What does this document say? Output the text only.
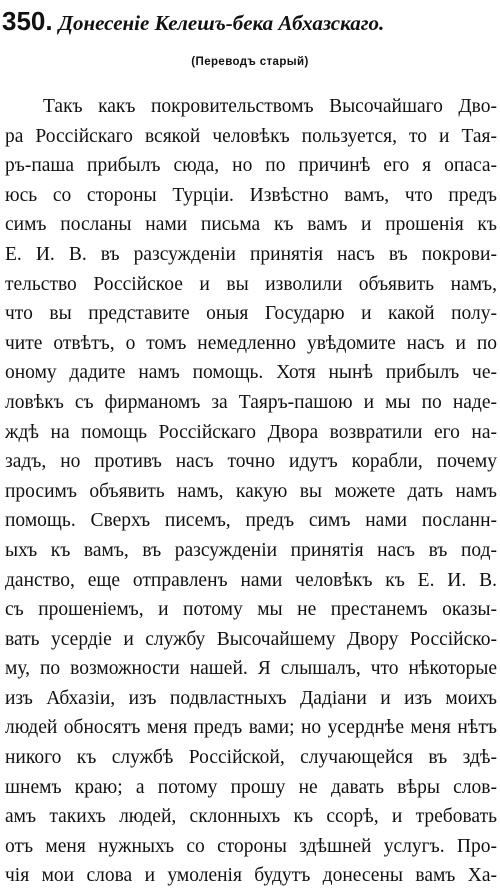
350. Донесеніе Келешъ-бека Абхазскаго.
(Переводъ старый)
Такъ какъ покровительствомъ Высочайшаго Дво-
ра Россійскаго всякой человѣкъ пользуется, то и Тая-
ръ-паша прибылъ сюда, но по причинѣ его я опаса-
юсь со стороны Турціи. Извѣстно вамъ, что предъ
симъ посланы нами письма къ вамъ и прошенія къ
Е. И. В. въ разсужденіи принятія насъ въ покрови-
тельство Россійское и вы изволили объявить намъ,
что вы представите оныя Государю и какой полу-
чите отвѣтъ, о томъ немедленно увѣдомите насъ и по
оному дадите намъ помощь. Хотя нынѣ прибылъ че-
ловѣкъ съ фирманомъ за Таяръ-пашою и мы по наде-
ждѣ на помощь Россійскаго Двора возвратили его на-
задъ, но противъ насъ точно идутъ корабли, почему
просимъ объявить намъ, какую вы можете дать намъ
помощь. Сверхъ писемъ, предъ симъ нами посланн-
ыхъ къ вамъ, въ разсужденіи принятія насъ въ под-
данство, еще отправленъ нами человѣкъ къ Е. И. В.
съ прошеніемъ, и потому мы не престанемъ оказы-
вать усердіе и службу Высочайшему Двору Россійско-
му, по возможности нашей. Я слышалъ, что нѣкоторые
изъ Абхазіи, изъ подвластныхъ Дадіани и изъ моихъ
людей обносятъ меня предъ вами; но усерднѣе меня нѣтъ
никого къ службѣ Россійской, случающейся въ здѣ-
шнемъ краю; а потому прошу не давать вѣры слов-
амъ такихъ людей, склонныхъ къ ссорѣ, и требовать
отъ меня нужныхъ со стороны здѣшней услугъ. Про-
чія мои слова и умоленія будутъ донесены вамъ Ха-
